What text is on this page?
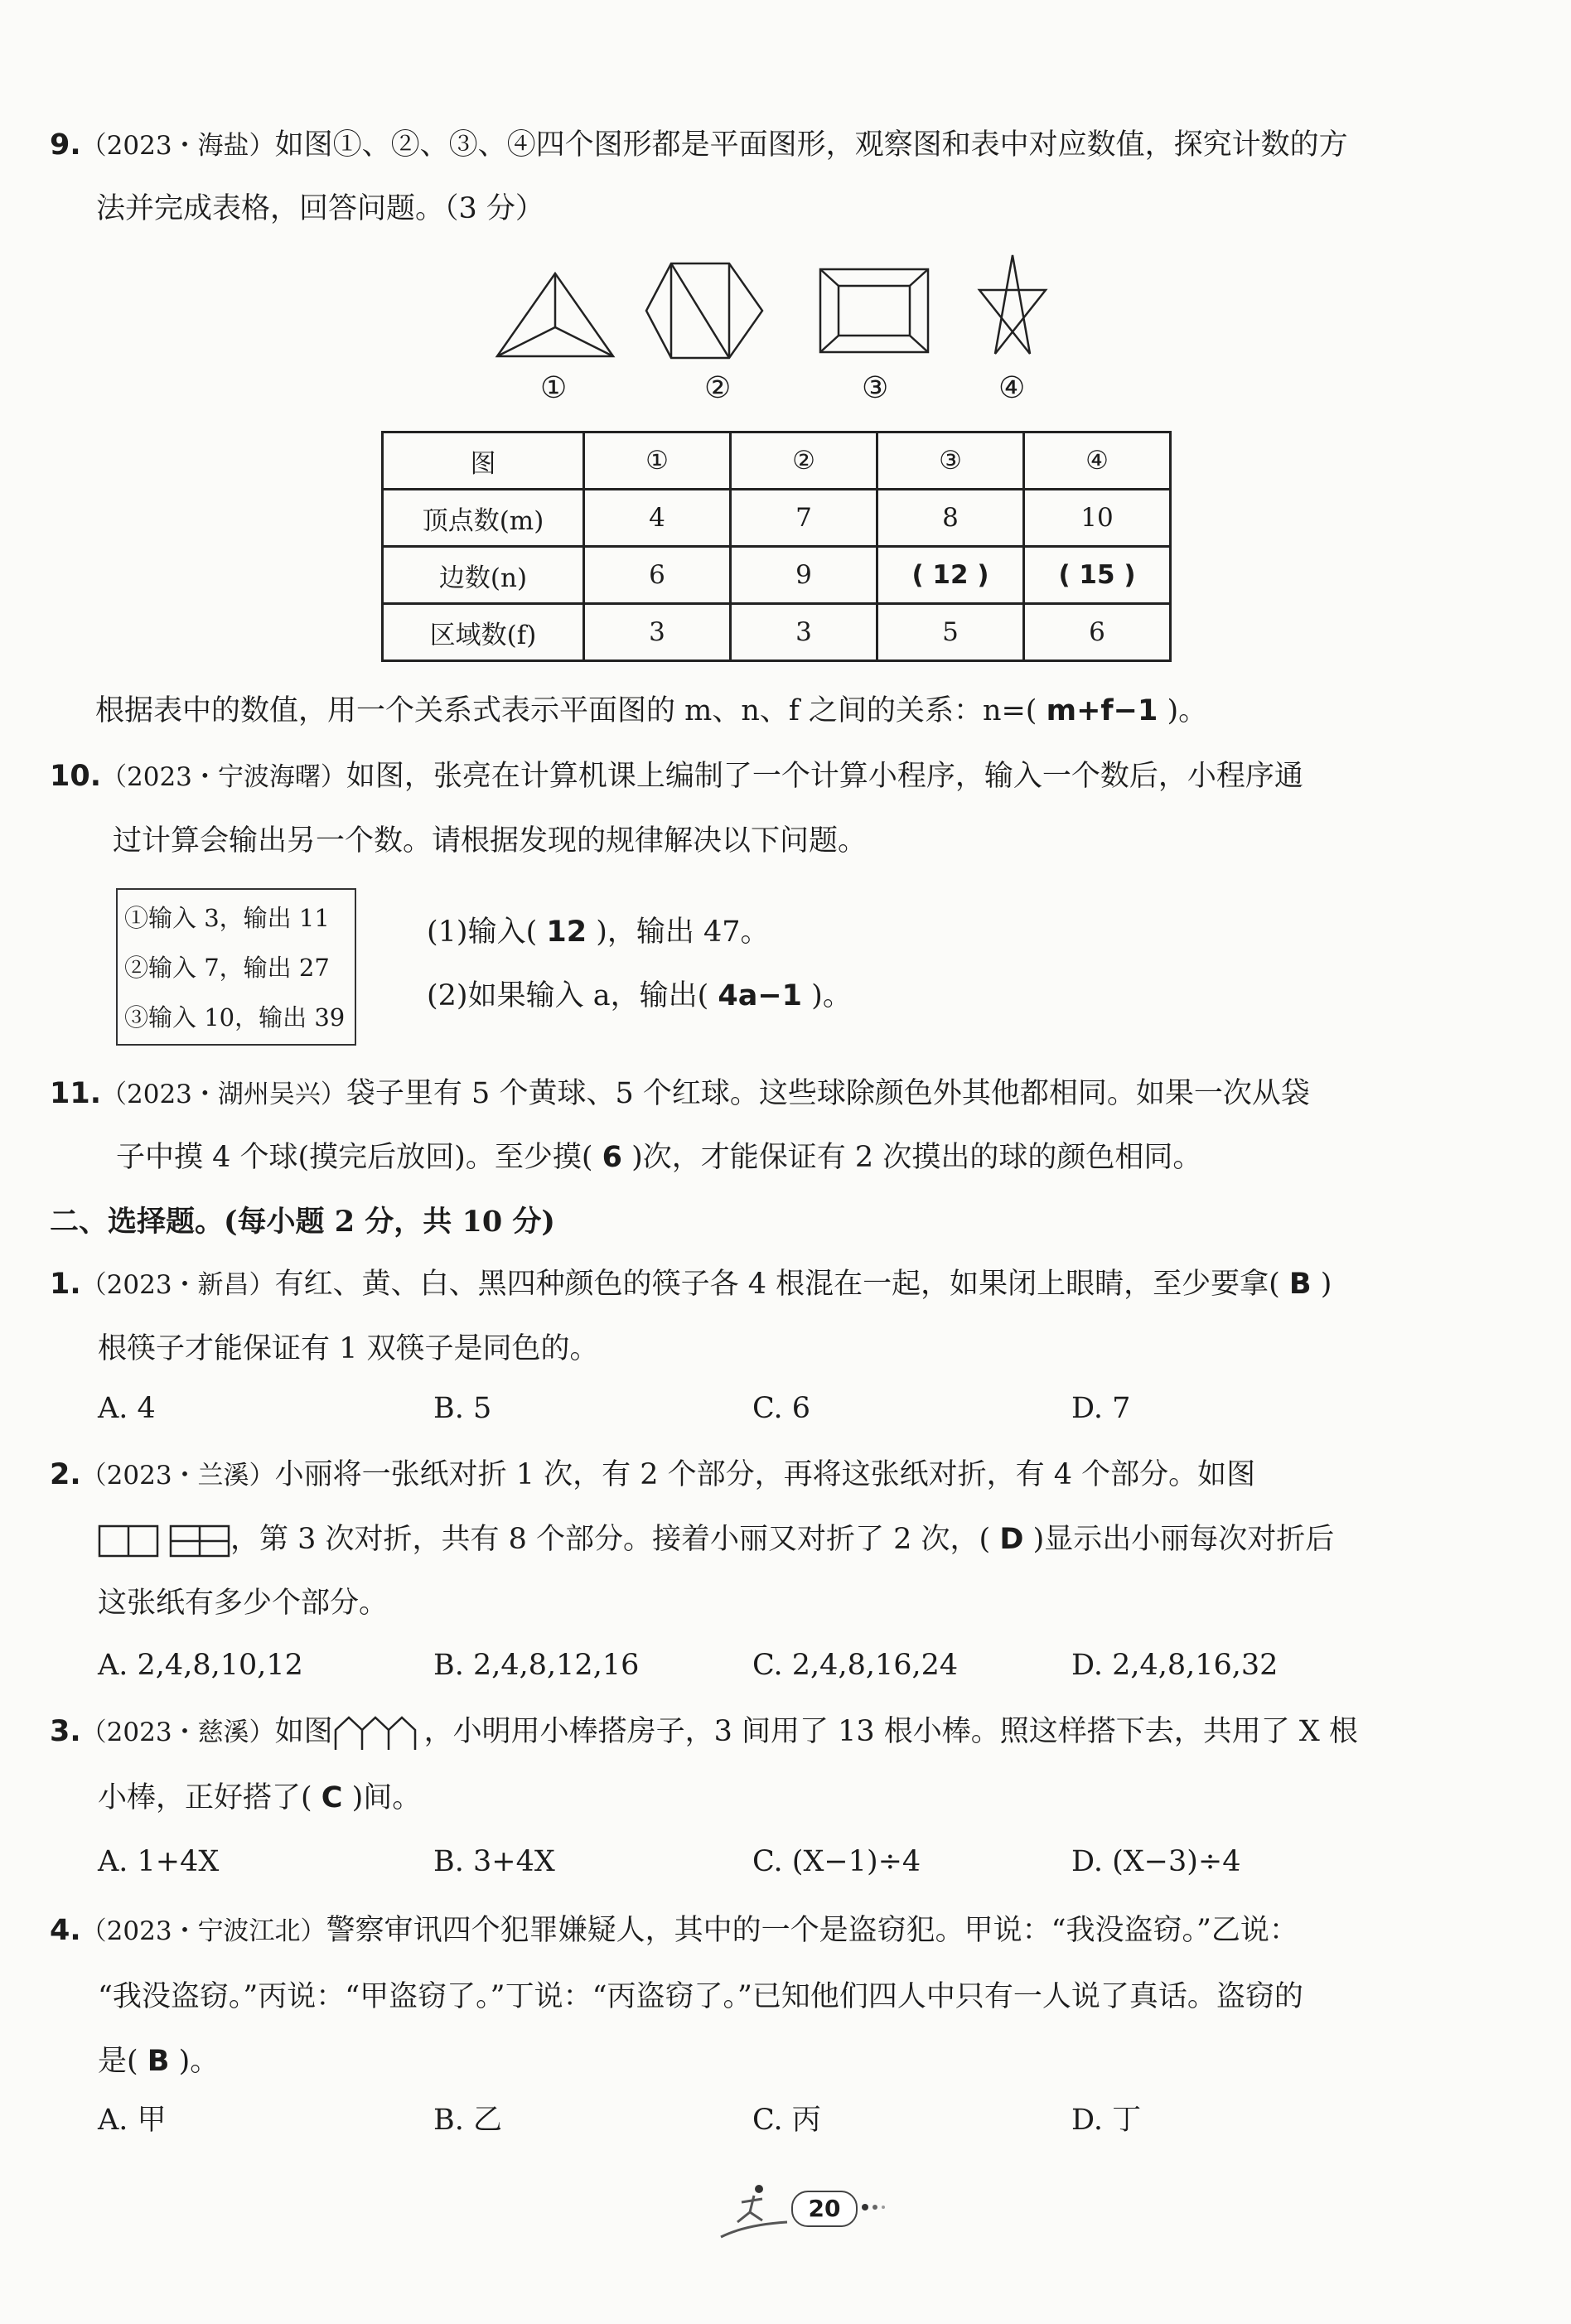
9.（2023・海盐）如图①、②、③、④四个图形都是平面图形，观察图和表中对应数值，探究计数的方
法并完成表格，回答问题。（3 分）
①	②	③	④
图	①	②	③	④
顶点数(m)	4	7	8	10
边数(n)	6	9	( 12 )	( 15 )
区域数(f)	3	3	5	6
根据表中的数值，用一个关系式表示平面图的 m、n、f 之间的关系：n=( m+f−1 )。
10.（2023・宁波海曙）如图，张亮在计算机课上编制了一个计算小程序，输入一个数后，小程序通
过计算会输出另一个数。请根据发现的规律解决以下问题。
①输入 3，输出 11
②输入 7，输出 27
③输入 10，输出 39
(1)输入( 12 )，输出 47。
(2)如果输入 a，输出( 4a−1 )。
11.（2023・湖州吴兴）袋子里有 5 个黄球、5 个红球。这些球除颜色外其他都相同。如果一次从袋
子中摸 4 个球(摸完后放回)。至少摸( 6 )次，才能保证有 2 次摸出的球的颜色相同。
二、选择题。(每小题 2 分，共 10 分)
1.（2023・新昌）有红、黄、白、黑四种颜色的筷子各 4 根混在一起，如果闭上眼睛，至少要拿( B )
根筷子才能保证有 1 双筷子是同色的。
A. 4	B. 5	C. 6	D. 7
2.（2023・兰溪）小丽将一张纸对折 1 次，有 2 个部分，再将这张纸对折，有 4 个部分。如图
，第 3 次对折，共有 8 个部分。接着小丽又对折了 2 次，( D )显示出小丽每次对折后
这张纸有多少个部分。
A. 2,4,8,10,12	B. 2,4,8,12,16	C. 2,4,8,16,24	D. 2,4,8,16,32
3.（2023・慈溪）如图	，小明用小棒搭房子，3 间用了 13 根小棒。照这样搭下去，共用了 X 根
小棒，正好搭了( C )间。
A. 1+4X	B. 3+4X	C. (X−1)÷4	D. (X−3)÷4
4.（2023・宁波江北）警察审讯四个犯罪嫌疑人，其中的一个是盗窃犯。甲说：“我没盗窃。”乙说：
“我没盗窃。”丙说：“甲盗窃了。”丁说：“丙盗窃了。”已知他们四人中只有一人说了真话。盗窃的
是( B )。
A. 甲	B. 乙	C. 丙	D. 丁
20
